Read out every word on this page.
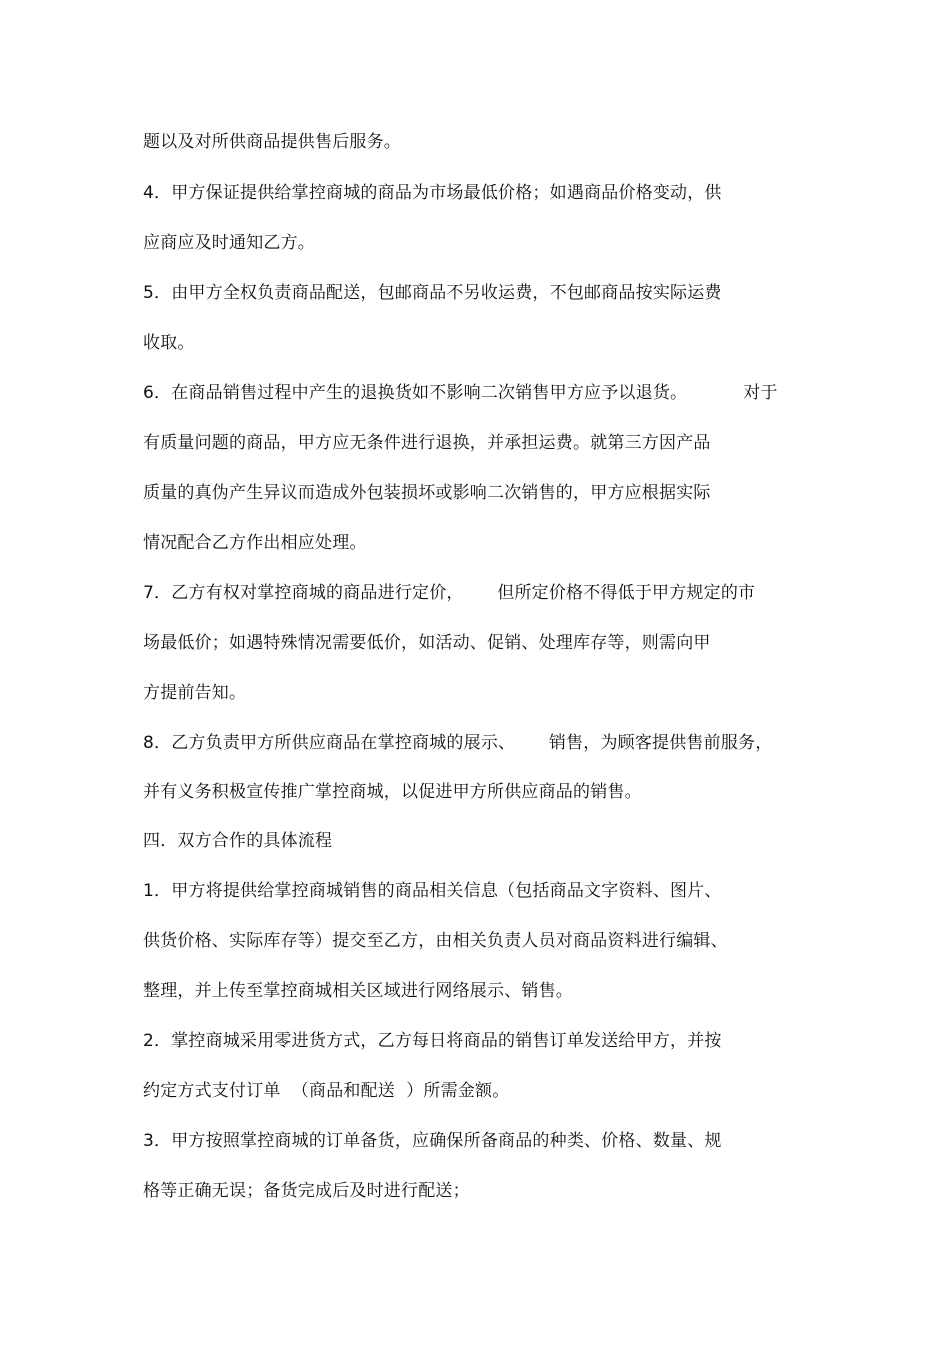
题以及对所供商品提供售后服务。
4．甲方保证提供给掌控商城的商品为市场最低价格；如遇商品价格变动，供
应商应及时通知乙方。
5．由甲方全权负责商品配送，包邮商品不另收运费，不包邮商品按实际运费
收取。
6．在商品销售过程中产生的退换货如不影响二次销售甲方应予以退货。          对于
有质量问题的商品，甲方应无条件进行退换，并承担运费。就第三方因产品
质量的真伪产生异议而造成外包装损坏或影响二次销售的，甲方应根据实际
情况配合乙方作出相应处理。
7．乙方有权对掌控商城的商品进行定价，      但所定价格不得低于甲方规定的市
场最低价；如遇特殊情况需要低价，如活动、促销、处理库存等，则需向甲
方提前告知。
8．乙方负责甲方所供应商品在掌控商城的展示、      销售，为顾客提供售前服务，
并有义务积极宣传推广掌控商城，以促进甲方所供应商品的销售。
四．双方合作的具体流程
1．甲方将提供给掌控商城销售的商品相关信息（包括商品文字资料、图片、
供货价格、实际库存等）提交至乙方，由相关负责人员对商品资料进行编辑、
整理，并上传至掌控商城相关区域进行网络展示、销售。
2．掌控商城采用零进货方式，乙方每日将商品的销售订单发送给甲方，并按
约定方式支付订单  （商品和配送  ）所需金额。
3．甲方按照掌控商城的订单备货，应确保所备商品的种类、价格、数量、规
格等正确无误；备货完成后及时进行配送；
